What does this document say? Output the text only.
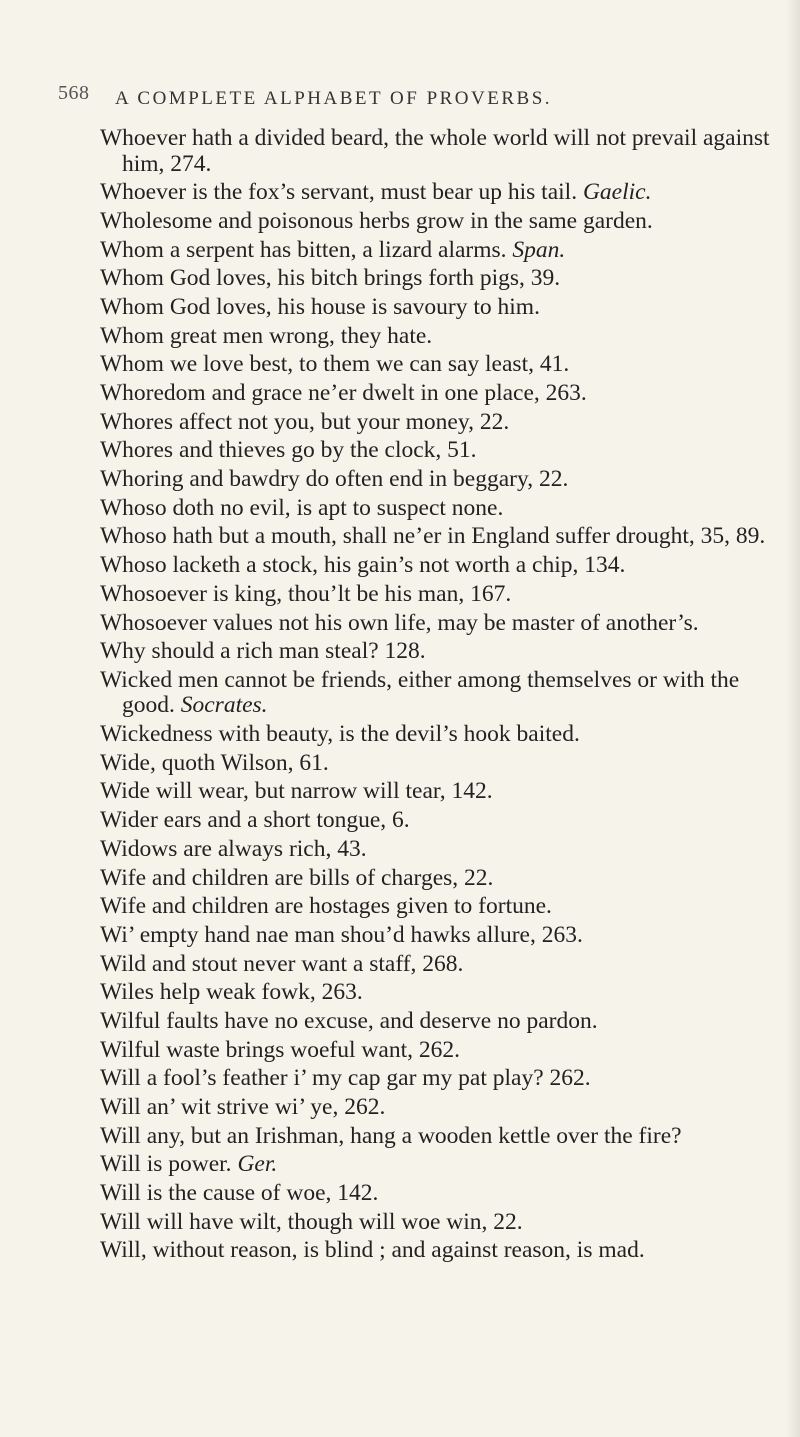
568 A COMPLETE ALPHABET OF PROVERBS.

Whoever hath a divided beard, the whole world will not prevail against him, 274.

Whoever is the fox’s servant, must bear up his tail. Gaelic.

Wholesome and poisonous herbs grow in the same garden.

Whom a serpent has bitten, a lizard alarms. Span.

Whom God loves, his bitch brings forth pigs, 39.

Whom God loves, his house is savoury to him.

Whom great men wrong, they hate.

Whom we love best, to them we can say least, 41.

Whoredom and grace ne’er dwelt in one place, 263.

Whores affect not you, but your money, 22.

Whores and thieves go by the clock, 51.

Whoring and bawdry do often end in beggary, 22.

Whoso doth no evil, is apt to suspect none.

Whoso hath but a mouth, shall ne’er in England suffer drought, 35, 89.

Whoso lacketh a stock, his gain’s not worth a chip, 134.

Whosoever is king, thou’lt be his man, 167.

Whosoever values not his own life, may be master of another’s.

Why should a rich man steal? 128.

Wicked men cannot be friends, either among themselves or with the good. Socrates.

Wickedness with beauty, is the devil’s hook baited.

Wide, quoth Wilson, 61.

Wide will wear, but narrow will tear, 142.

Wider ears and a short tongue, 6.

Widows are always rich, 43.

Wife and children are bills of charges, 22.

Wife and children are hostages given to fortune.

Wi’ empty hand nae man shou’d hawks allure, 263.

Wild and stout never want a staff, 268.

Wiles help weak fowk, 263.

Wilful faults have no excuse, and deserve no pardon.

Wilful waste brings woeful want, 262.

Will a fool’s feather i’ my cap gar my pat play? 262.

Will an’ wit strive wi’ ye, 262.

Will any, but an Irishman, hang a wooden kettle over the fire?

Will is power. Ger.

Will is the cause of woe, 142.

Will will have wilt, though will woe win, 22.

Will, without reason, is blind ; and against reason, is mad.
